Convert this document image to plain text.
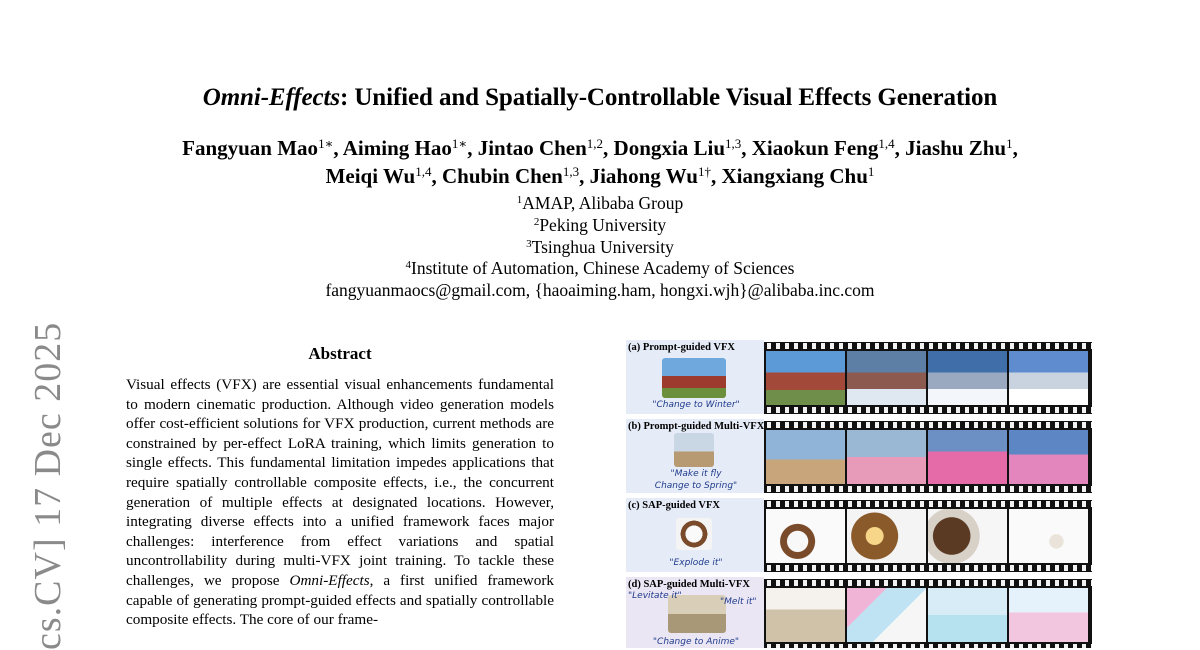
Omni-Effects: Unified and Spatially-Controllable Visual Effects Generation
Fangyuan Mao$^{1∗}$, Aiming Hao$^{1∗}$, Jintao Chen$^{1,2}$, Dongxia Liu$^{1,3}$, Xiaokun Feng$^{1,4}$, Jiashu Zhu$^1$,
Meiqi Wu$^{1,4}$, Chubin Chen$^{1,3}$, Jiahong $Wu^{1\dagger}$, Xiangxiang Chu$^1$
$^1$AMAP, Alibaba Group
$^2$Peking University
$^3$Tsinghua University
$^4$Institute of Automation, Chinese Academy of Sciences
fangyuanmaocs@gmail.com, {haoaiming.ham, hongxi.wjh}@alibaba.inc.com
cs.CV] 17 Dec 2025	Abstract

Visual effects (VFX) are essential visual enhancements fundamental to modern cinematic production. Although video generation models offer cost-efficient solutions for VFX production, current methods are constrained by per-effect LoRA training, which limits generation to single effects. This fundamental limitation impedes applications that require spatially controllable composite effects, i.e., the concurrent generation of multiple effects at designated locations. However, integrating diverse effects into a unified framework faces major challenges: interference from effect variations and spatial uncontrollability during multi-VFX joint training. To tackle these challenges, we propose Omni-Effects, a first unified framework capable of generating prompt-guided effects and spatially controllable composite effects. The core of our frame-

(a) Prompt-guided VFX
"Change to Winter"
(b) Prompt-guided Multi-VFX
"Make it fly
Change to Spring"
(c) SAP-guided VFX
"Explode it"
(d) SAP-guided Multi-VFX
"Levitate it"
"Melt it"
"Change to Anime"
